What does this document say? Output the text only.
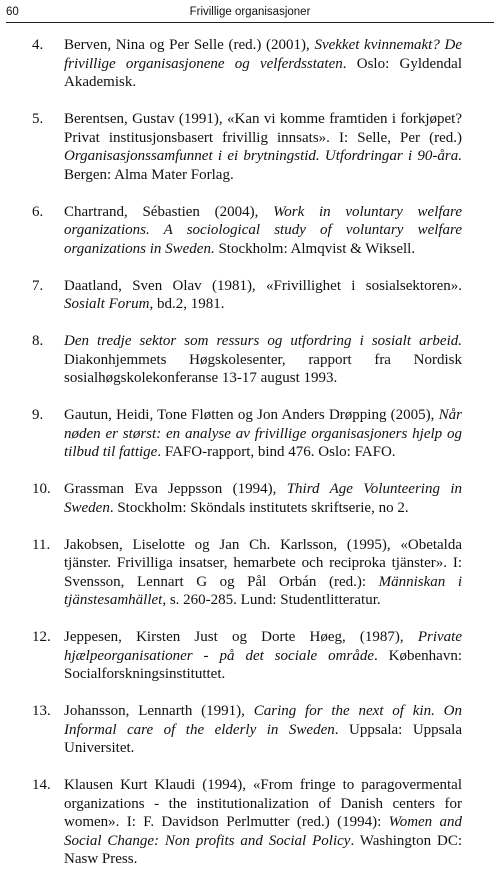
60	Frivillige organisasjoner
4. Berven, Nina og Per Selle (red.) (2001), Svekket kvinnemakt? De frivillige organisasjonene og velferdsstaten. Oslo: Gyldendal Akademisk.
5. Berentsen, Gustav (1991), «Kan vi komme framtiden i forkjøpet? Privat institusjonsbasert frivillig innsats». I: Selle, Per (red.) Organisasjonssamfunnet i ei brytningstid. Utfordringar i 90-åra. Bergen: Alma Mater Forlag.
6. Chartrand, Sébastien (2004), Work in voluntary welfare organizations. A sociological study of voluntary welfare organizations in Sweden. Stockholm: Almqvist & Wiksell.
7. Daatland, Sven Olav (1981), «Frivillighet i sosialsektoren». Sosialt Forum, bd.2, 1981.
8. Den tredje sektor som ressurs og utfordring i sosialt arbeid. Diakonhjemmets Høgskolesenter, rapport fra Nordisk sosialhøgskolekonferanse 13-17 august 1993.
9. Gautun, Heidi, Tone Fløtten og Jon Anders Drøpping (2005), Når nøden er størst: en analyse av frivillige organisasjoners hjelp og tilbud til fattige. FAFO-rapport, bind 476. Oslo: FAFO.
10. Grassman Eva Jeppsson (1994), Third Age Volunteering in Sweden. Stockholm: Sköndals institutets skriftserie, no 2.
11. Jakobsen, Liselotte og Jan Ch. Karlsson, (1995), «Obetalda tjänster. Frivilliga insatser, hemarbete och reciproka tjänster». I: Svensson, Lennart G og Pål Orbán (red.): Människan i tjänstesamhället, s. 260-285. Lund: Studentlitteratur.
12. Jeppesen, Kirsten Just og Dorte Høeg, (1987), Private hjælpeorganisationer - på det sociale område. København: Socialforskningsinstituttet.
13. Johansson, Lennarth (1991), Caring for the next of kin. On Informal care of the elderly in Sweden. Uppsala: Uppsala Universitet.
14. Klausen Kurt Klaudi (1994), «From fringe to paragovermental organizations - the institutionalization of Danish centers for women». I: F. Davidson Perlmutter (red.) (1994): Women and Social Change: Non profits and Social Policy. Washington DC: Nasw Press.
